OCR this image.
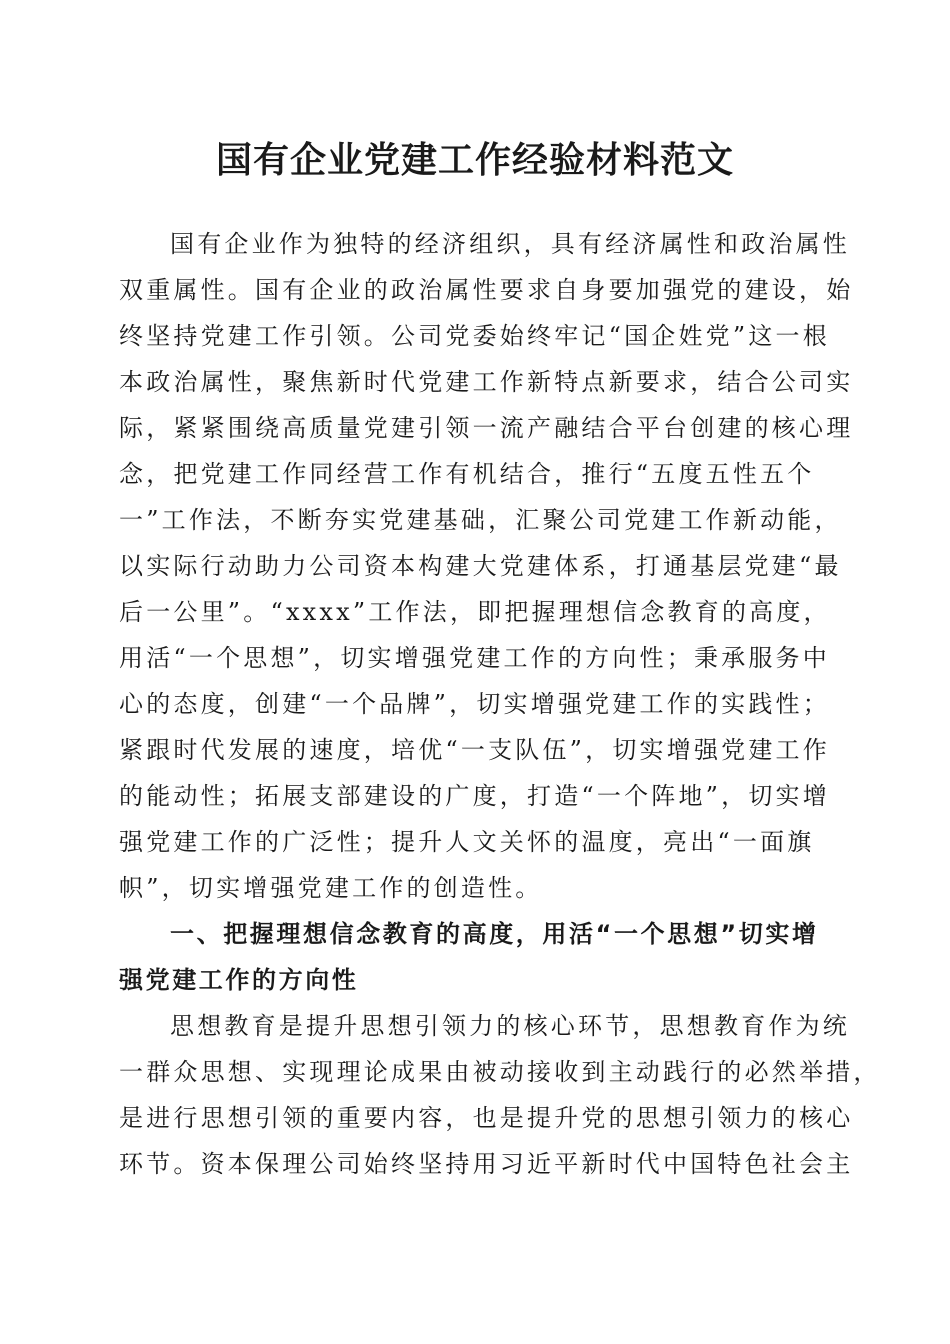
国有企业党建工作经验材料范文
国有企业作为独特的经济组织，具有经济属性和政治属性
双重属性。国有企业的政治属性要求自身要加强党的建设，始
终坚持党建工作引领。公司党委始终牢记“国企姓党”这一根
本政治属性，聚焦新时代党建工作新特点新要求，结合公司实
际，紧紧围绕高质量党建引领一流产融结合平台创建的核心理
念，把党建工作同经营工作有机结合，推行“五度五性五个
一”工作法，不断夯实党建基础，汇聚公司党建工作新动能，
以实际行动助力公司资本构建大党建体系，打通基层党建“最
后一公里”。“xxxx”工作法，即把握理想信念教育的高度，
用活“一个思想”，切实增强党建工作的方向性；秉承服务中
心的态度，创建“一个品牌”，切实增强党建工作的实践性；
紧跟时代发展的速度，培优“一支队伍”，切实增强党建工作
的能动性；拓展支部建设的广度，打造“一个阵地”，切实增
强党建工作的广泛性；提升人文关怀的温度，亮出“一面旗
帜”，切实增强党建工作的创造性。
一、把握理想信念教育的高度，用活“一个思想”切实增
强党建工作的方向性
思想教育是提升思想引领力的核心环节，思想教育作为统
一群众思想、实现理论成果由被动接收到主动践行的必然举措，
是进行思想引领的重要内容，也是提升党的思想引领力的核心
环节。资本保理公司始终坚持用习近平新时代中国特色社会主
